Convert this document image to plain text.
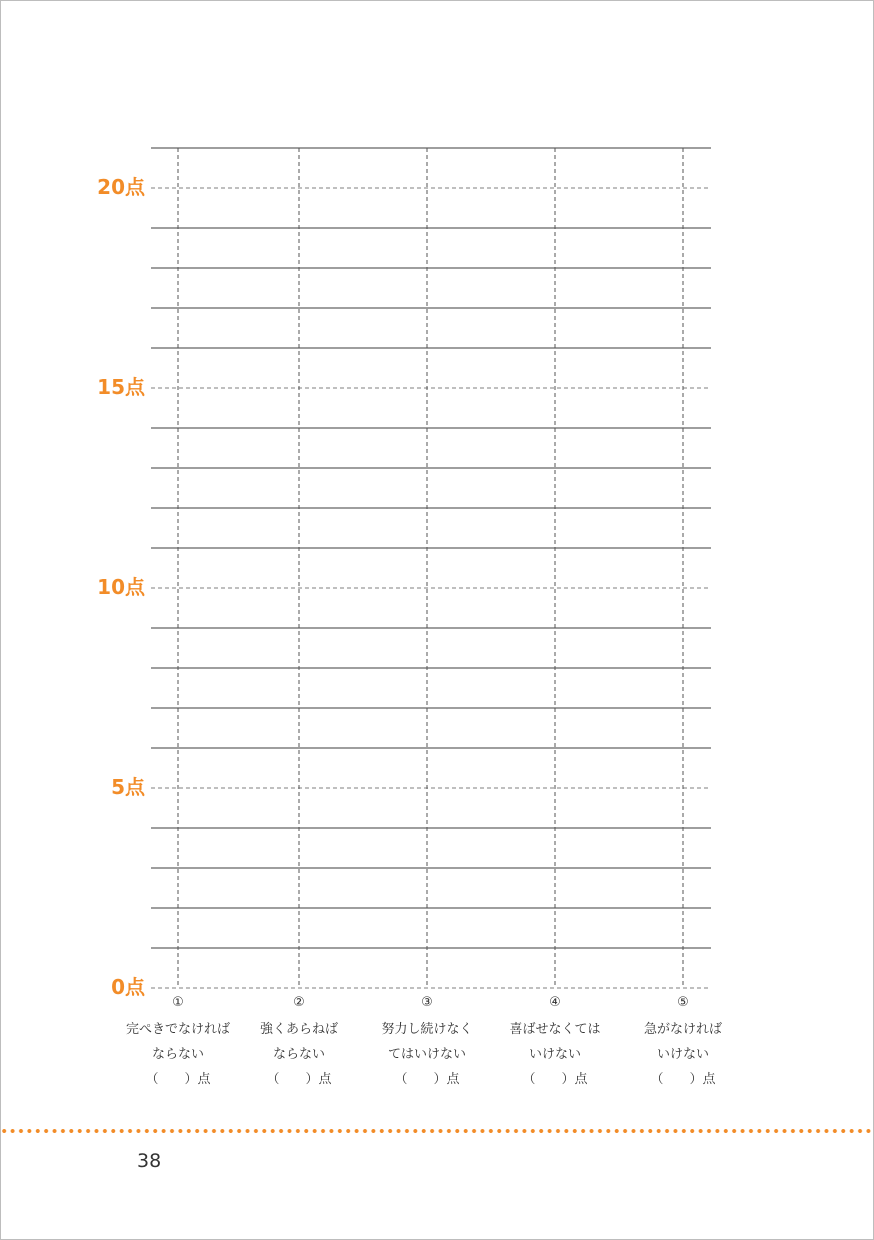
0点
5点
10点
15点
20点
①
完ぺきでなければ
ならない
（　　）点
②
強くあらねば
ならない
（　　）点
③
努力し続けなく
てはいけない
（　　）点
④
喜ばせなくては
いけない
（　　）点
⑤
急がなければ
いけない
（　　）点
38
